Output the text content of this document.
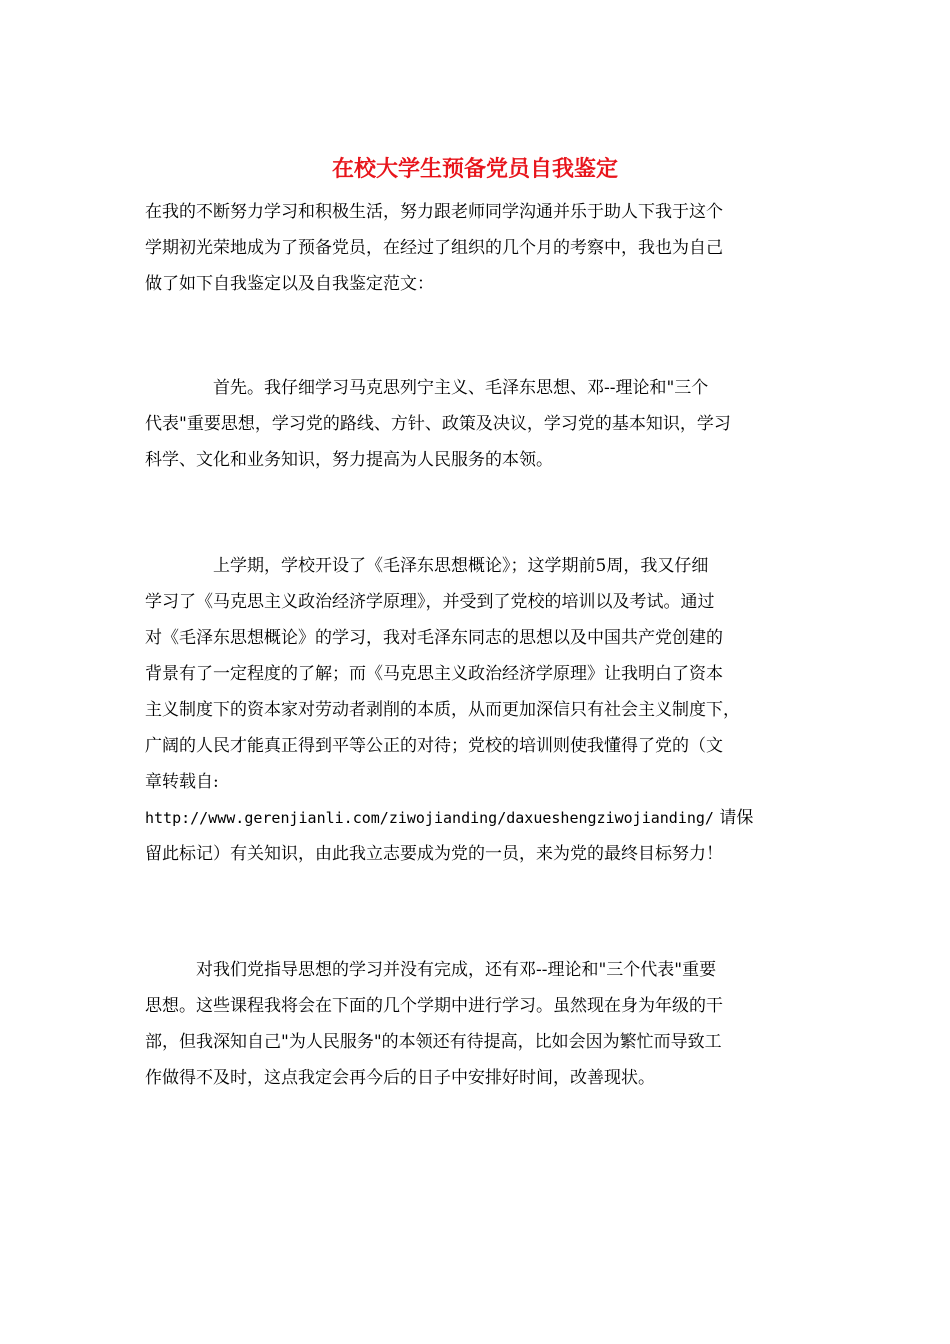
在校大学生预备党员自我鉴定

在我的不断努力学习和积极生活，努力跟老师同学沟通并乐于助人下我于这个
学期初光荣地成为了预备党员，在经过了组织的几个月的考察中，我也为自己
做了如下自我鉴定以及自我鉴定范文：

　　　　首先。我仔细学习马克思列宁主义、毛泽东思想、邓--理论和"三个
代表"重要思想，学习党的路线、方针、政策及决议，学习党的基本知识，学习
科学、文化和业务知识，努力提高为人民服务的本领。

　　　　上学期，学校开设了《毛泽东思想概论》；这学期前5周，我又仔细
学习了《马克思主义政治经济学原理》，并受到了党校的培训以及考试。通过
对《毛泽东思想概论》的学习，我对毛泽东同志的思想以及中国共产党创建的
背景有了一定程度的了解；而《马克思主义政治经济学原理》让我明白了资本
主义制度下的资本家对劳动者剥削的本质，从而更加深信只有社会主义制度下，
广阔的人民才能真正得到平等公正的对待；党校的培训则使我懂得了党的（文
章转载自:
http://www.gerenjianli.com/ziwojianding/daxueshengziwojianding/ 请保
留此标记）有关知识，由此我立志要成为党的一员，来为党的最终目标努力！

　　　对我们党指导思想的学习并没有完成，还有邓--理论和"三个代表"重要
思想。这些课程我将会在下面的几个学期中进行学习。虽然现在身为年级的干
部，但我深知自己"为人民服务"的本领还有待提高，比如会因为繁忙而导致工
作做得不及时，这点我定会再今后的日子中安排好时间，改善现状。
